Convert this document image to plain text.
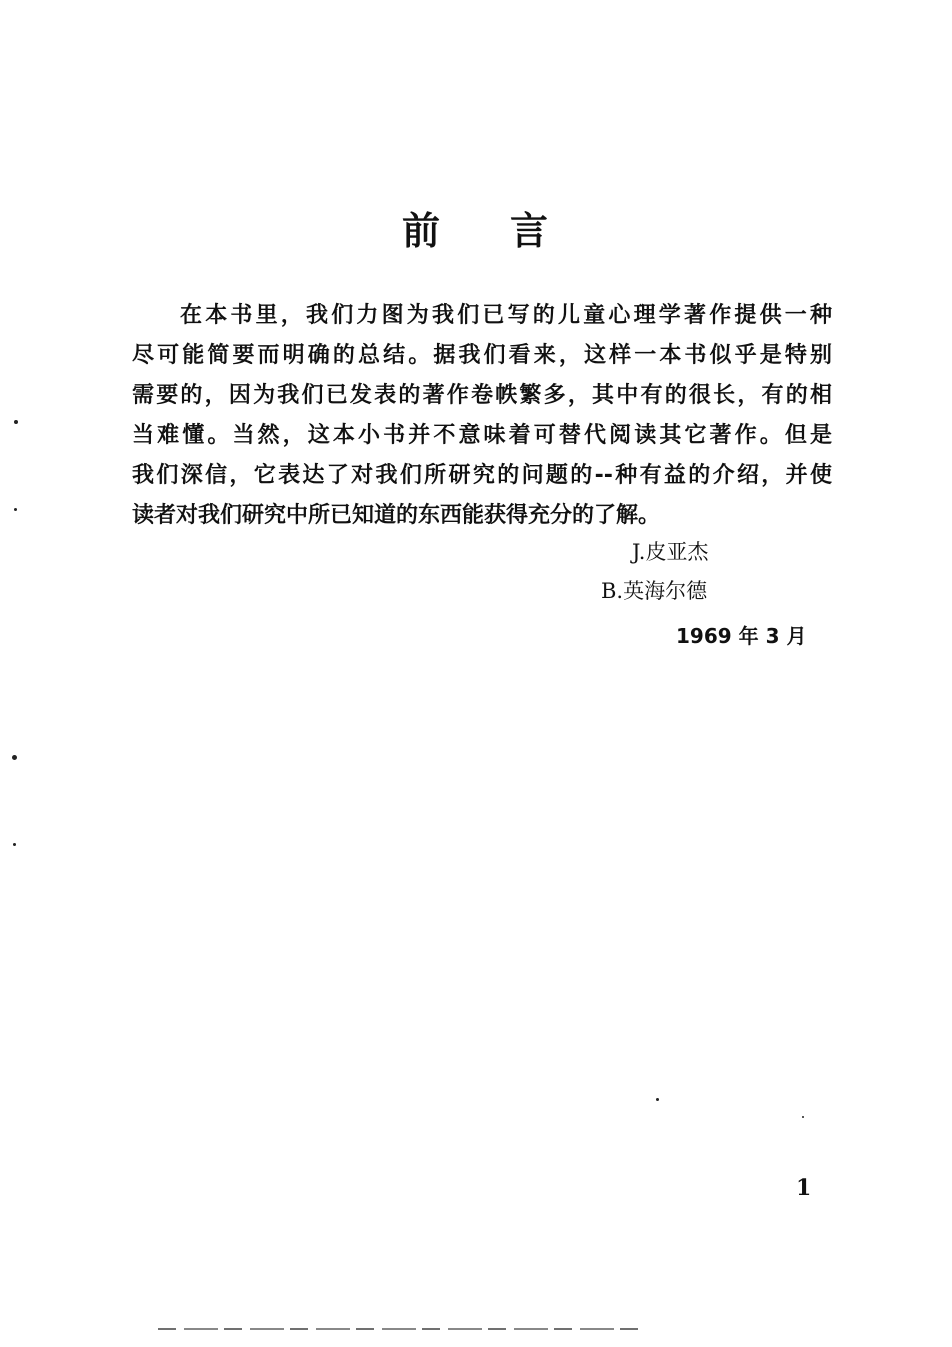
前 言
在本书里，我们力图为我们已写的儿童心理学著作提供一种
尽可能简要而明确的总结。据我们看来，这样一本书似乎是特别
需要的，因为我们已发表的著作卷帙繁多，其中有的很长，有的相
当难懂。当然，这本小书并不意味着可替代阅读其它著作。但是
我们深信，它表达了对我们所研究的问题的--种有益的介绍，并使
读者对我们研究中所已知道的东西能获得充分的了解。
J.皮亚杰
B.英海尔德
1969 年 3 月
1
